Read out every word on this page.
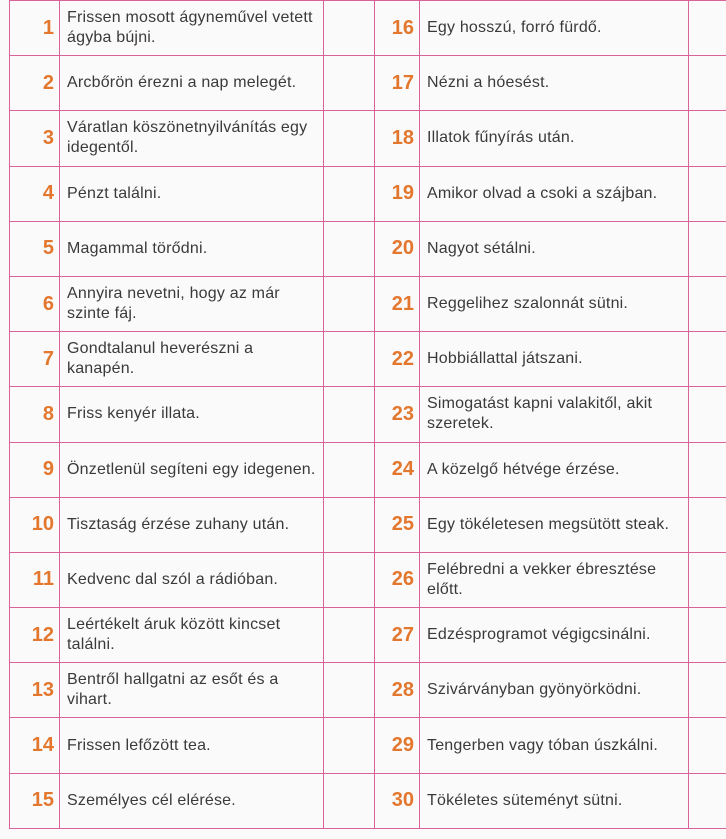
1	Frissen mosott ágyneművel vetett ágyba bújni.	
2	Arcbőrön érezni a nap melegét.	
3	Váratlan köszönetnyilvánítás egy idegentől.	
4	Pénzt találni.	
5	Magammal törődni.	
6	Annyira nevetni, hogy az már szinte fáj.	
7	Gondtalanul heverészni a kanapén.	
8	Friss kenyér illata.	
9	Önzetlenül segíteni egy idegenen.	
10	Tisztaság érzése zuhany után.	
11	Kedvenc dal szól a rádióban.	
12	Leértékelt áruk között kincset találni.	
13	Bentről hallgatni az esőt és a vihart.	
14	Frissen lefőzött tea.	
15	Személyes cél elérése.	
16	Egy hosszú, forró fürdő.	
17	Nézni a hóesést.	
18	Illatok fűnyírás után.	
19	Amikor olvad a csoki a szájban.	
20	Nagyot sétálni.	
21	Reggelihez szalonnát sütni.	
22	Hobbiállattal játszani.	
23	Simogatást kapni valakitől, akit szeretek.	
24	A közelgő hétvége érzése.	
25	Egy tökéletesen megsütött steak.	
26	Felébredni a vekker ébresztése előtt.	
27	Edzésprogramot végigcsinálni.	
28	Szivárványban gyönyörködni.	
29	Tengerben vagy tóban úszkálni.	
30	Tökéletes süteményt sütni.	
